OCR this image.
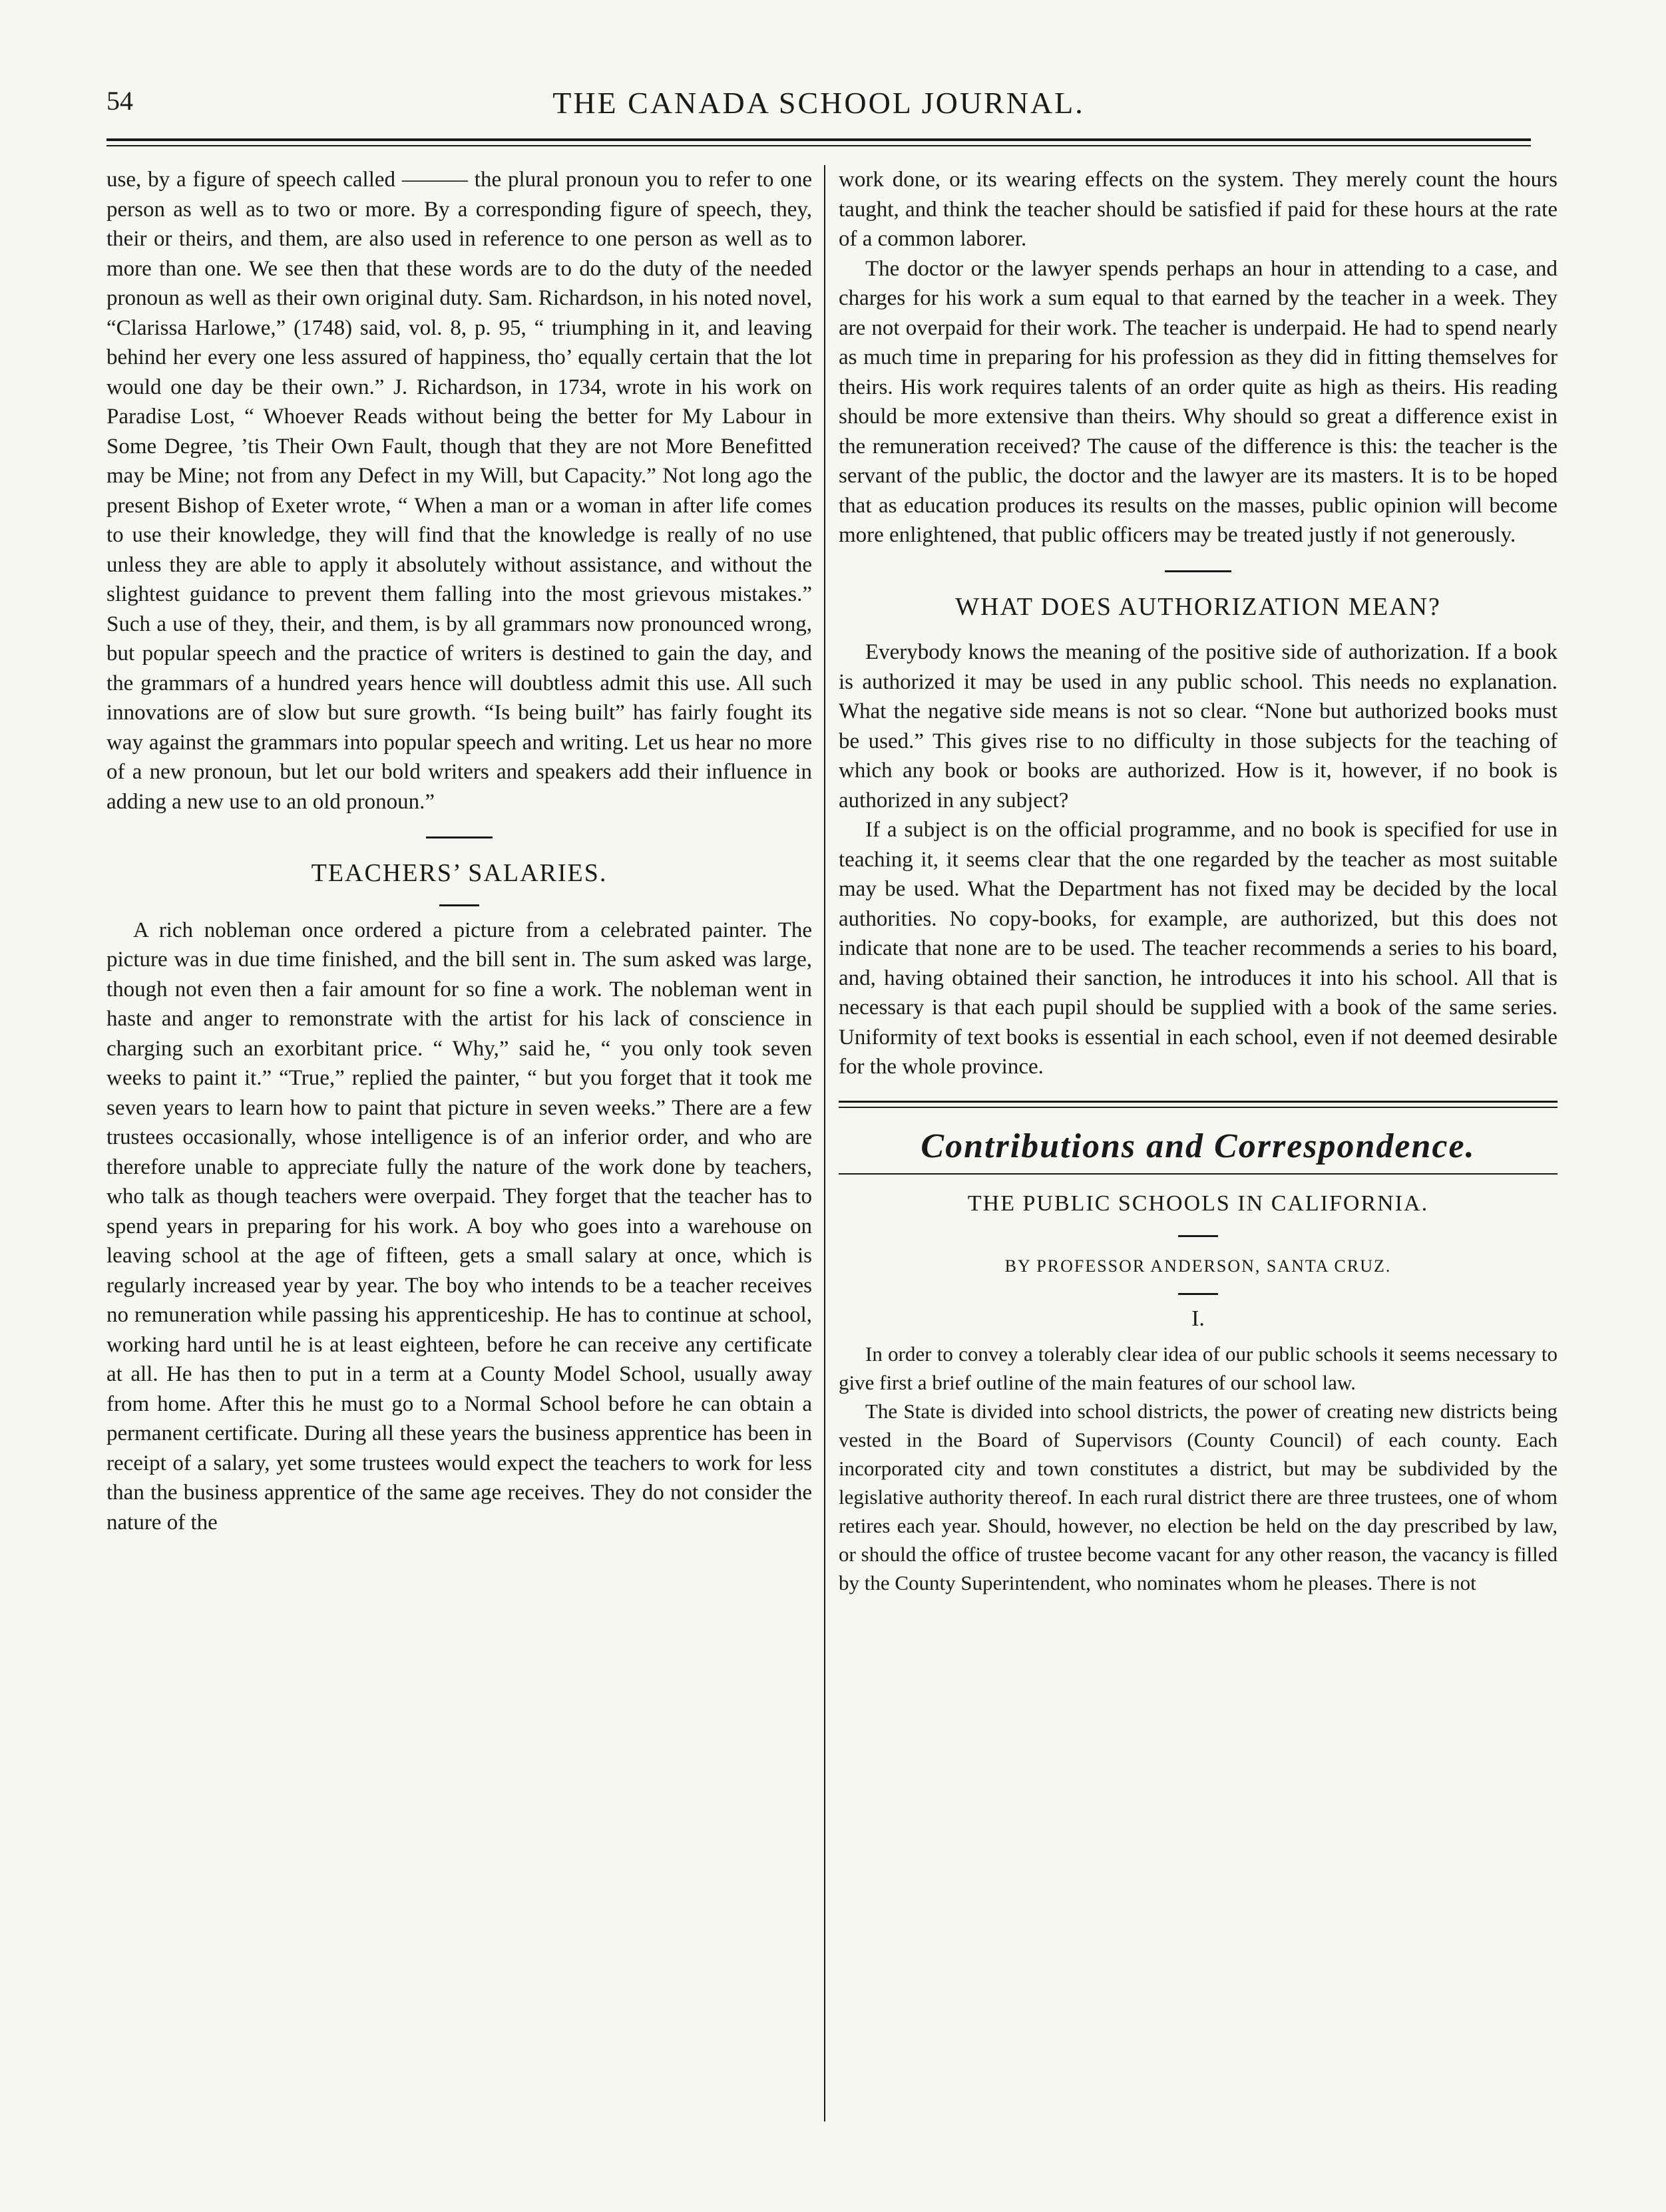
54	THE CANADA SCHOOL JOURNAL.

use, by a figure of speech called ——— the plural pronoun you to refer to one person as well as to two or more. By a corresponding figure of speech, they, their or theirs, and them, are also used in reference to one person as well as to more than one. We see then that these words are to do the duty of the needed pronoun as well as their own original duty. Sam. Richardson, in his noted novel, “Clarissa Harlowe,” (1748) said, vol. 8, p. 95, “ triumphing in it, and leaving behind her every one less assured of happiness, tho’ equally certain that the lot would one day be their own.” J. Richardson, in 1734, wrote in his work on Paradise Lost, “ Whoever Reads without being the better for My Labour in Some Degree, ’tis Their Own Fault, though that they are not More Benefitted may be Mine; not from any Defect in my Will, but Capacity.” Not long ago the present Bishop of Exeter wrote, “ When a man or a woman in after life comes to use their knowledge, they will find that the knowledge is really of no use unless they are able to apply it absolutely without assistance, and without the slightest guidance to prevent them falling into the most grievous mistakes.” Such a use of they, their, and them, is by all grammars now pronounced wrong, but popular speech and the practice of writers is destined to gain the day, and the grammars of a hundred years hence will doubtless admit this use. All such innovations are of slow but sure growth. “Is being built” has fairly fought its way against the grammars into popular speech and writing. Let us hear no more of a new pronoun, but let our bold writers and speakers add their influence in adding a new use to an old pronoun.”

TEACHERS’ SALARIES.

A rich nobleman once ordered a picture from a celebrated painter. The picture was in due time finished, and the bill sent in. The sum asked was large, though not even then a fair amount for so fine a work. The nobleman went in haste and anger to remonstrate with the artist for his lack of conscience in charging such an exorbitant price. “ Why,” said he, “ you only took seven weeks to paint it.” “True,” replied the painter, “ but you forget that it took me seven years to learn how to paint that picture in seven weeks.” There are a few trustees occasionally, whose intelligence is of an inferior order, and who are therefore unable to appreciate fully the nature of the work done by teachers, who talk as though teachers were overpaid. They forget that the teacher has to spend years in preparing for his work. A boy who goes into a warehouse on leaving school at the age of fifteen, gets a small salary at once, which is regularly increased year by year. The boy who intends to be a teacher receives no remuneration while passing his apprenticeship. He has to continue at school, working hard until he is at least eighteen, before he can receive any certificate at all. He has then to put in a term at a County Model School, usually away from home. After this he must go to a Normal School before he can obtain a permanent certificate. During all these years the business apprentice has been in receipt of a salary, yet some trustees would expect the teachers to work for less than the business apprentice of the same age receives. They do not consider the nature of the

work done, or its wearing effects on the system. They merely count the hours taught, and think the teacher should be satisfied if paid for these hours at the rate of a common laborer.

The doctor or the lawyer spends perhaps an hour in attending to a case, and charges for his work a sum equal to that earned by the teacher in a week. They are not overpaid for their work. The teacher is underpaid. He had to spend nearly as much time in preparing for his profession as they did in fitting themselves for theirs. His work requires talents of an order quite as high as theirs. His reading should be more extensive than theirs. Why should so great a difference exist in the remuneration received? The cause of the difference is this: the teacher is the servant of the public, the doctor and the lawyer are its masters. It is to be hoped that as education produces its results on the masses, public opinion will become more enlightened, that public officers may be treated justly if not generously.

WHAT DOES AUTHORIZATION MEAN?

Everybody knows the meaning of the positive side of authorization. If a book is authorized it may be used in any public school. This needs no explanation. What the negative side means is not so clear. “None but authorized books must be used.” This gives rise to no difficulty in those subjects for the teaching of which any book or books are authorized. How is it, however, if no book is authorized in any subject?

If a subject is on the official programme, and no book is specified for use in teaching it, it seems clear that the one regarded by the teacher as most suitable may be used. What the Department has not fixed may be decided by the local authorities. No copy-books, for example, are authorized, but this does not indicate that none are to be used. The teacher recommends a series to his board, and, having obtained their sanction, he introduces it into his school. All that is necessary is that each pupil should be supplied with a book of the same series. Uniformity of text books is essential in each school, even if not deemed desirable for the whole province.

Contributions and Correspondence.
THE PUBLIC SCHOOLS IN CALIFORNIA.
BY PROFESSOR ANDERSON, SANTA CRUZ.
I.

In order to convey a tolerably clear idea of our public schools it seems necessary to give first a brief outline of the main features of our school law.

The State is divided into school districts, the power of creating new districts being vested in the Board of Supervisors (County Council) of each county. Each incorporated city and town constitutes a district, but may be subdivided by the legislative authority thereof. In each rural district there are three trustees, one of whom retires each year. Should, however, no election be held on the day prescribed by law, or should the office of trustee become vacant for any other reason, the vacancy is filled by the County Superintendent, who nominates whom he pleases. There is not
